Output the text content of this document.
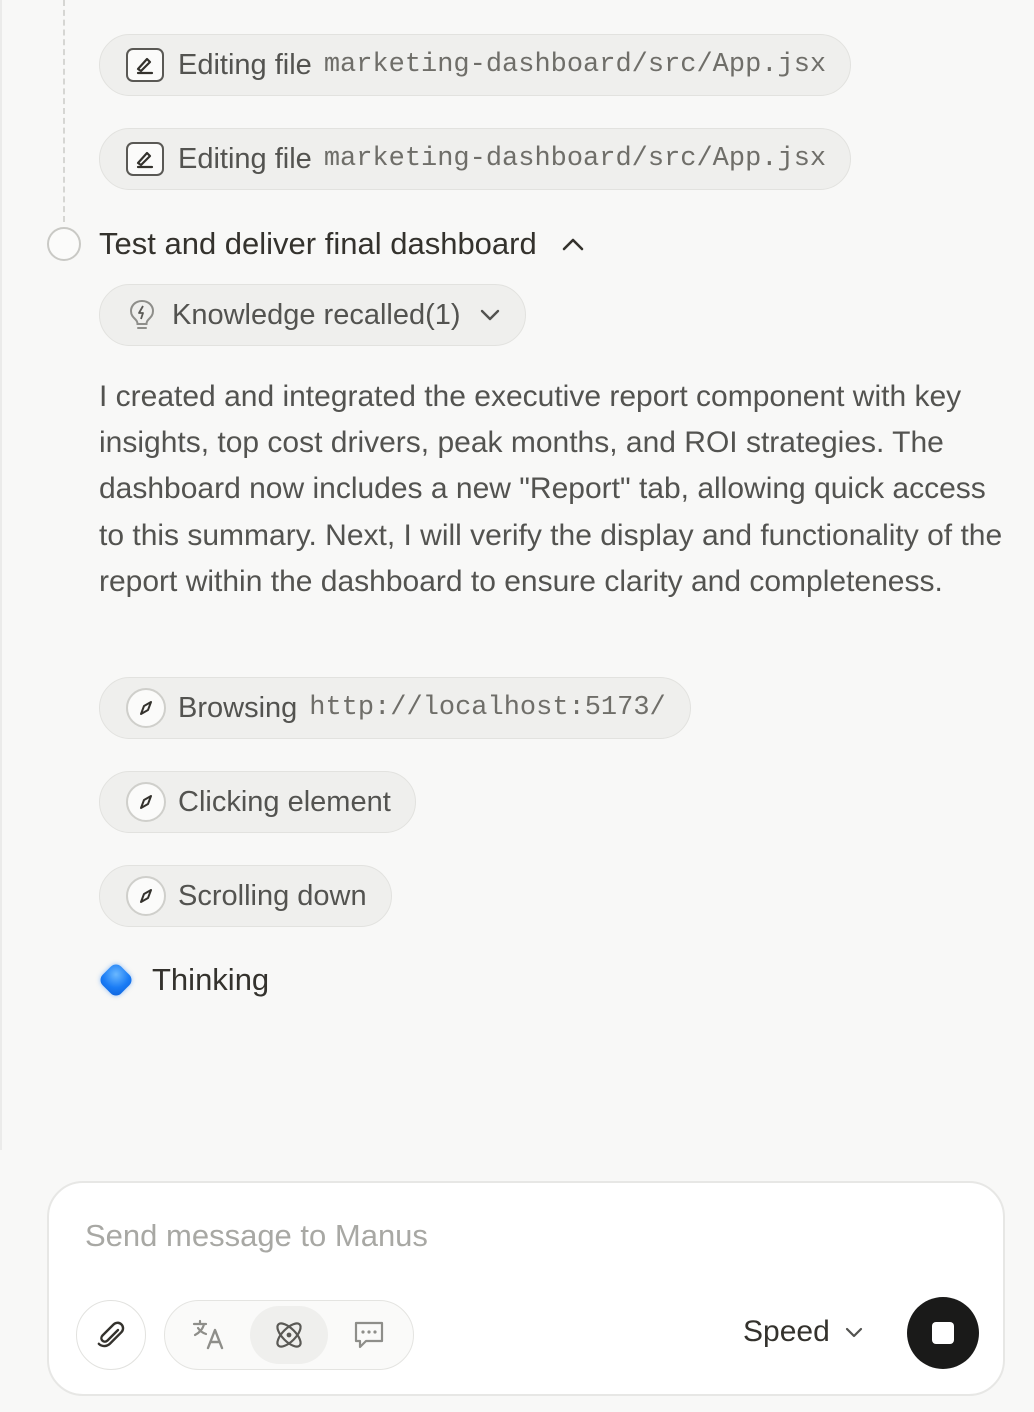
Editing file marketing-dashboard/src/App.jsx
Editing file marketing-dashboard/src/App.jsx
Test and deliver final dashboard
Knowledge recalled(1)

I created and integrated the executive report component with key insights, top cost drivers, peak months, and ROI strategies. The dashboard now includes a new "Report" tab, allowing quick access to this summary. Next, I will verify the display and functionality of the report within the dashboard to ensure clarity and completeness.

Browsing http://localhost:5173/
Clicking element
Scrolling down
Thinking
Send message to Manus
Speed
